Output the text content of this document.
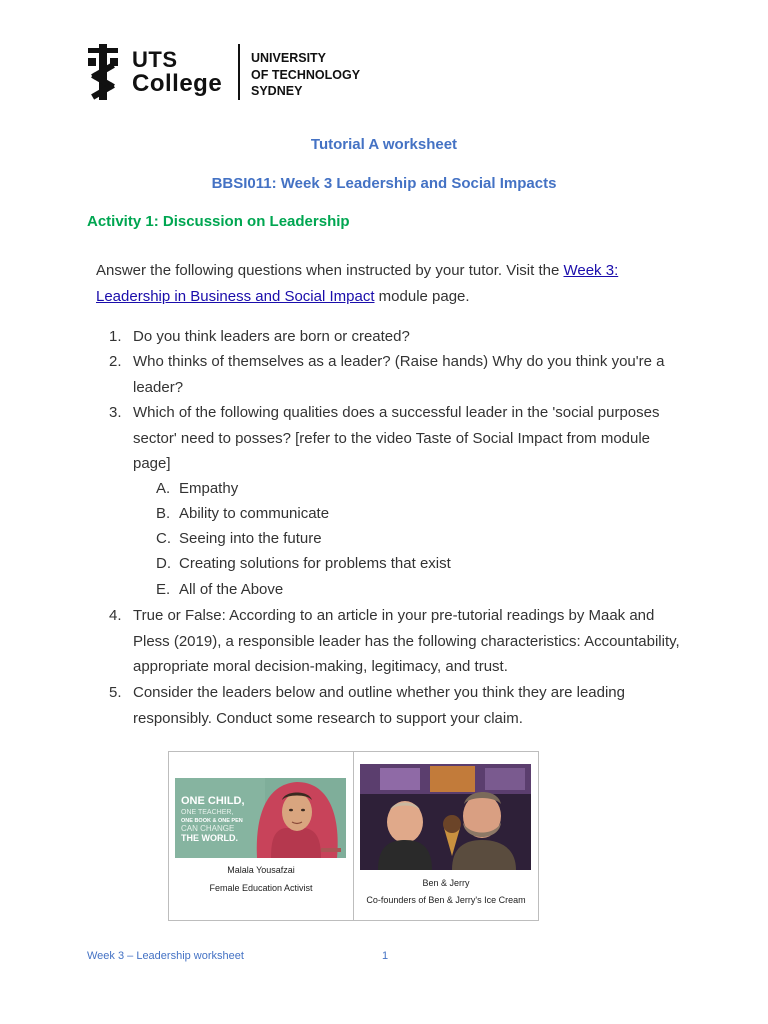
UTS
College
UNIVERSITY
OF TECHNOLOGY
SYDNEY
Tutorial A worksheet
BBSI011: Week 3 Leadership and Social Impacts
Activity 1: Discussion on Leadership
Answer the following questions when instructed by your tutor. Visit the Week 3: Leadership in Business and Social Impact module page.
1. Do you think leaders are born or created?
2. Who thinks of themselves as a leader? (Raise hands) Why do you think you're a leader?
3. Which of the following qualities does a successful leader in the 'social purposes sector' need to posses? [refer to the video Taste of Social Impact from module page]
A. Empathy
B. Ability to communicate
C. Seeing into the future
D. Creating solutions for problems that exist
E. All of the Above
4. True or False: According to an article in your pre-tutorial readings by Maak and Pless (2019), a responsible leader has the following characteristics: Accountability, appropriate moral decision-making, legitimacy, and trust.
5. Consider the leaders below and outline whether you think they are leading responsibly. Conduct some research to support your claim.
ONE CHILD,
ONE TEACHER,
ONE BOOK & ONE PEN
CAN CHANGE
THE WORLD.
Malala Yousafzai
Female Education Activist	Ben & Jerry
Co-founders of Ben & Jerry's Ice Cream
Week 3 – Leadership worksheet	1
